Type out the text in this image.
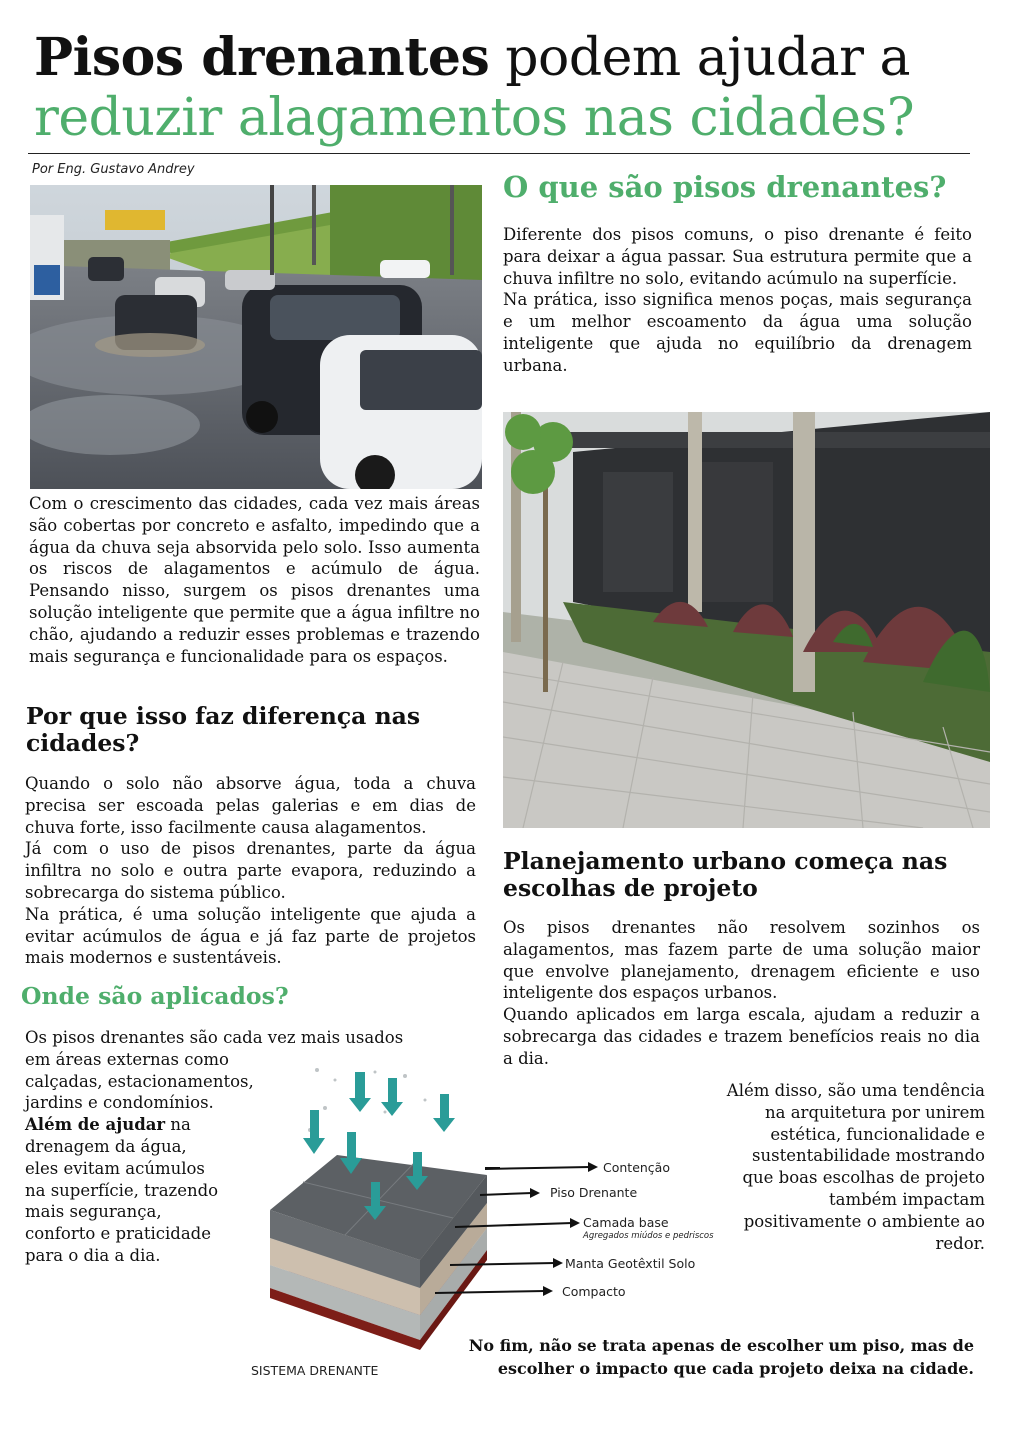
Pisos drenantes podem ajudar a
reduzir alagamentos nas cidades?
Por Eng. Gustavo Andrey
Com o crescimento das cidades, cada vez mais áreas são cobertas por concreto e asfalto, impedindo que a água da chuva seja absorvida pelo solo. Isso aumenta os riscos de alagamentos e acúmulo de água. Pensando nisso, surgem os pisos drenantes uma solução inteligente que permite que a água infiltre no chão, ajudando a reduzir esses problemas e trazendo mais segurança e funcionalidade para os espaços.
O que são pisos drenantes?

Diferente dos pisos comuns, o piso drenante é feito para deixar a água passar. Sua estrutura permite que a chuva infiltre no solo, evitando acúmulo na superfície.

Na prática, isso significa menos poças, mais segurança e um melhor escoamento da água uma solução inteligente que ajuda no equilíbrio da drenagem urbana.

Por que isso faz diferença nas cidades?

Quando o solo não absorve água, toda a chuva precisa ser escoada pelas galerias e em dias de chuva forte, isso facilmente causa alagamentos.

Já com o uso de pisos drenantes, parte da água infiltra no solo e outra parte evapora, reduzindo a sobrecarga do sistema público.

Na prática, é uma solução inteligente que ajuda a evitar acúmulos de água e já faz parte de projetos mais modernos e sustentáveis.

Onde são aplicados?
Os pisos drenantes são cada vez mais usados
em áreas externas como
calçadas, estacionamentos,
jardins e condomínios.
Além de ajudar na
drenagem da água,
eles evitam acúmulos
na superfície, trazendo
mais segurança,
conforto e praticidade
para o dia a dia.
Contenção
Piso Drenante
Camada base
Agregados miúdos e pedriscos
Manta Geotêxtil Solo
Compacto
SISTEMA DRENANTE
Planejamento urbano começa nas escolhas de projeto

Os pisos drenantes não resolvem sozinhos os alagamentos, mas fazem parte de uma solução maior que envolve planejamento, drenagem eficiente e uso inteligente dos espaços urbanos.

Quando aplicados em larga escala, ajudam a reduzir a sobrecarga das cidades e trazem benefícios reais no dia a dia.

Além disso, são uma tendência
na arquitetura por unirem
estética, funcionalidade e
sustentabilidade mostrando
que boas escolhas de projeto
também impactam
positivamente o ambiente ao
redor.
No fim, não se trata apenas de escolher um piso, mas de
escolher o impacto que cada projeto deixa na cidade.
